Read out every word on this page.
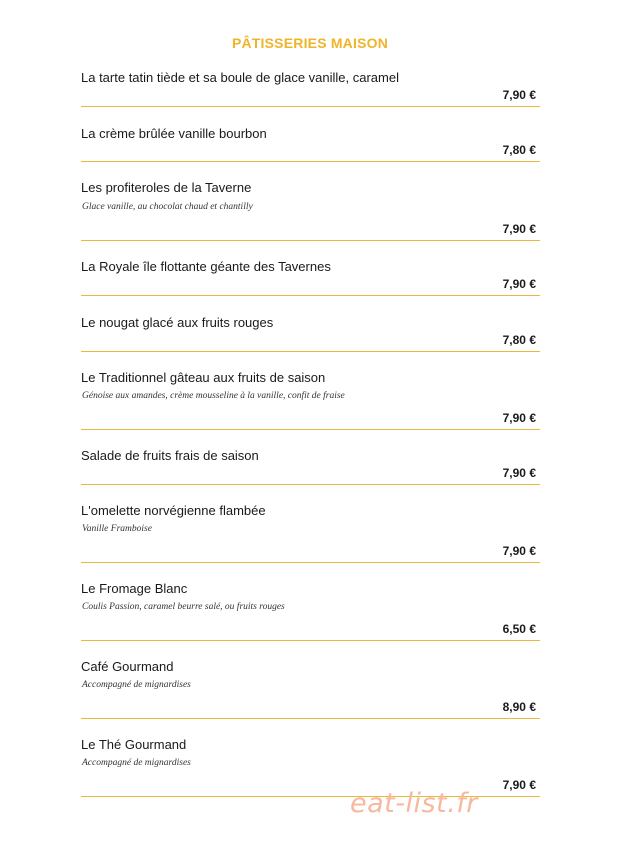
PÂTISSERIES MAISON
La tarte tatin tiède et sa boule de glace vanille, caramel
7,90 €
La crème brûlée vanille bourbon
7,80 €
Les profiteroles de la Taverne
Glace vanille, au chocolat chaud et chantilly
7,90 €
La Royale île flottante géante des Tavernes
7,90 €
Le nougat glacé aux fruits rouges
7,80 €
Le Traditionnel gâteau aux fruits de saison
Génoise aux amandes, crème mousseline à la vanille, confit de fraise
7,90 €
Salade de fruits frais de saison
7,90 €
L'omelette norvégienne flambée
Vanille Framboise
7,90 €
Le Fromage Blanc
Coulis Passion, caramel beurre salé, ou fruits rouges
6,50 €
Café Gourmand
Accompagné de mignardises
8,90 €
Le Thé Gourmand
Accompagné de mignardises
7,90 €
eat-list.fr
